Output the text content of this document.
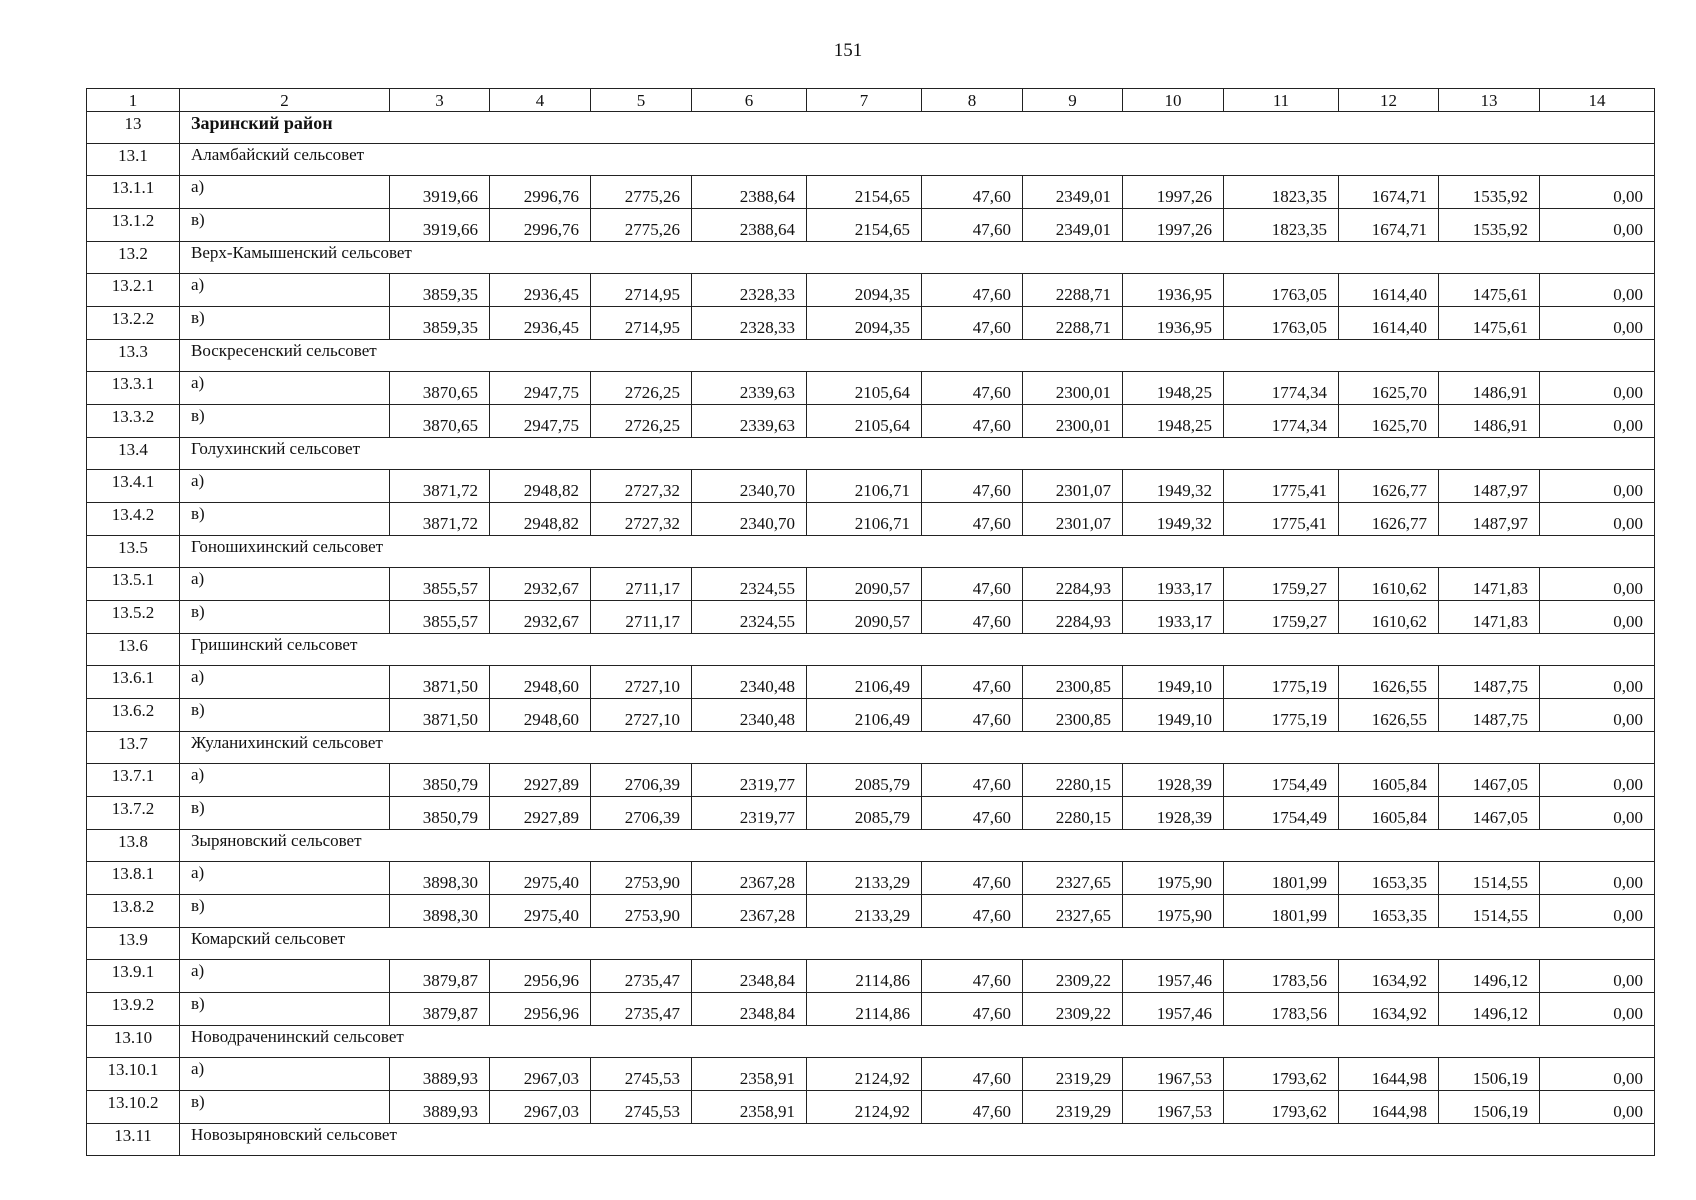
151
1	2	3	4	5	6	7	8	9	10	11	12	13	14
13	Заринский район												
13.1	Аламбайский сельсовет												
13.1.1	а)	3919,66	2996,76	2775,26	2388,64	2154,65	47,60	2349,01	1997,26	1823,35	1674,71	1535,92	0,00
13.1.2	в)	3919,66	2996,76	2775,26	2388,64	2154,65	47,60	2349,01	1997,26	1823,35	1674,71	1535,92	0,00
13.2	Верх-Камышенский сельсовет												
13.2.1	а)	3859,35	2936,45	2714,95	2328,33	2094,35	47,60	2288,71	1936,95	1763,05	1614,40	1475,61	0,00
13.2.2	в)	3859,35	2936,45	2714,95	2328,33	2094,35	47,60	2288,71	1936,95	1763,05	1614,40	1475,61	0,00
13.3	Воскресенский сельсовет												
13.3.1	а)	3870,65	2947,75	2726,25	2339,63	2105,64	47,60	2300,01	1948,25	1774,34	1625,70	1486,91	0,00
13.3.2	в)	3870,65	2947,75	2726,25	2339,63	2105,64	47,60	2300,01	1948,25	1774,34	1625,70	1486,91	0,00
13.4	Голухинский сельсовет												
13.4.1	а)	3871,72	2948,82	2727,32	2340,70	2106,71	47,60	2301,07	1949,32	1775,41	1626,77	1487,97	0,00
13.4.2	в)	3871,72	2948,82	2727,32	2340,70	2106,71	47,60	2301,07	1949,32	1775,41	1626,77	1487,97	0,00
13.5	Гоношихинский сельсовет												
13.5.1	а)	3855,57	2932,67	2711,17	2324,55	2090,57	47,60	2284,93	1933,17	1759,27	1610,62	1471,83	0,00
13.5.2	в)	3855,57	2932,67	2711,17	2324,55	2090,57	47,60	2284,93	1933,17	1759,27	1610,62	1471,83	0,00
13.6	Гришинский сельсовет												
13.6.1	а)	3871,50	2948,60	2727,10	2340,48	2106,49	47,60	2300,85	1949,10	1775,19	1626,55	1487,75	0,00
13.6.2	в)	3871,50	2948,60	2727,10	2340,48	2106,49	47,60	2300,85	1949,10	1775,19	1626,55	1487,75	0,00
13.7	Жуланихинский сельсовет												
13.7.1	а)	3850,79	2927,89	2706,39	2319,77	2085,79	47,60	2280,15	1928,39	1754,49	1605,84	1467,05	0,00
13.7.2	в)	3850,79	2927,89	2706,39	2319,77	2085,79	47,60	2280,15	1928,39	1754,49	1605,84	1467,05	0,00
13.8	Зыряновский сельсовет												
13.8.1	а)	3898,30	2975,40	2753,90	2367,28	2133,29	47,60	2327,65	1975,90	1801,99	1653,35	1514,55	0,00
13.8.2	в)	3898,30	2975,40	2753,90	2367,28	2133,29	47,60	2327,65	1975,90	1801,99	1653,35	1514,55	0,00
13.9	Комарский сельсовет												
13.9.1	а)	3879,87	2956,96	2735,47	2348,84	2114,86	47,60	2309,22	1957,46	1783,56	1634,92	1496,12	0,00
13.9.2	в)	3879,87	2956,96	2735,47	2348,84	2114,86	47,60	2309,22	1957,46	1783,56	1634,92	1496,12	0,00
13.10	Новодраченинский сельсовет												
13.10.1	а)	3889,93	2967,03	2745,53	2358,91	2124,92	47,60	2319,29	1967,53	1793,62	1644,98	1506,19	0,00
13.10.2	в)	3889,93	2967,03	2745,53	2358,91	2124,92	47,60	2319,29	1967,53	1793,62	1644,98	1506,19	0,00
13.11	Новозыряновский сельсовет												
